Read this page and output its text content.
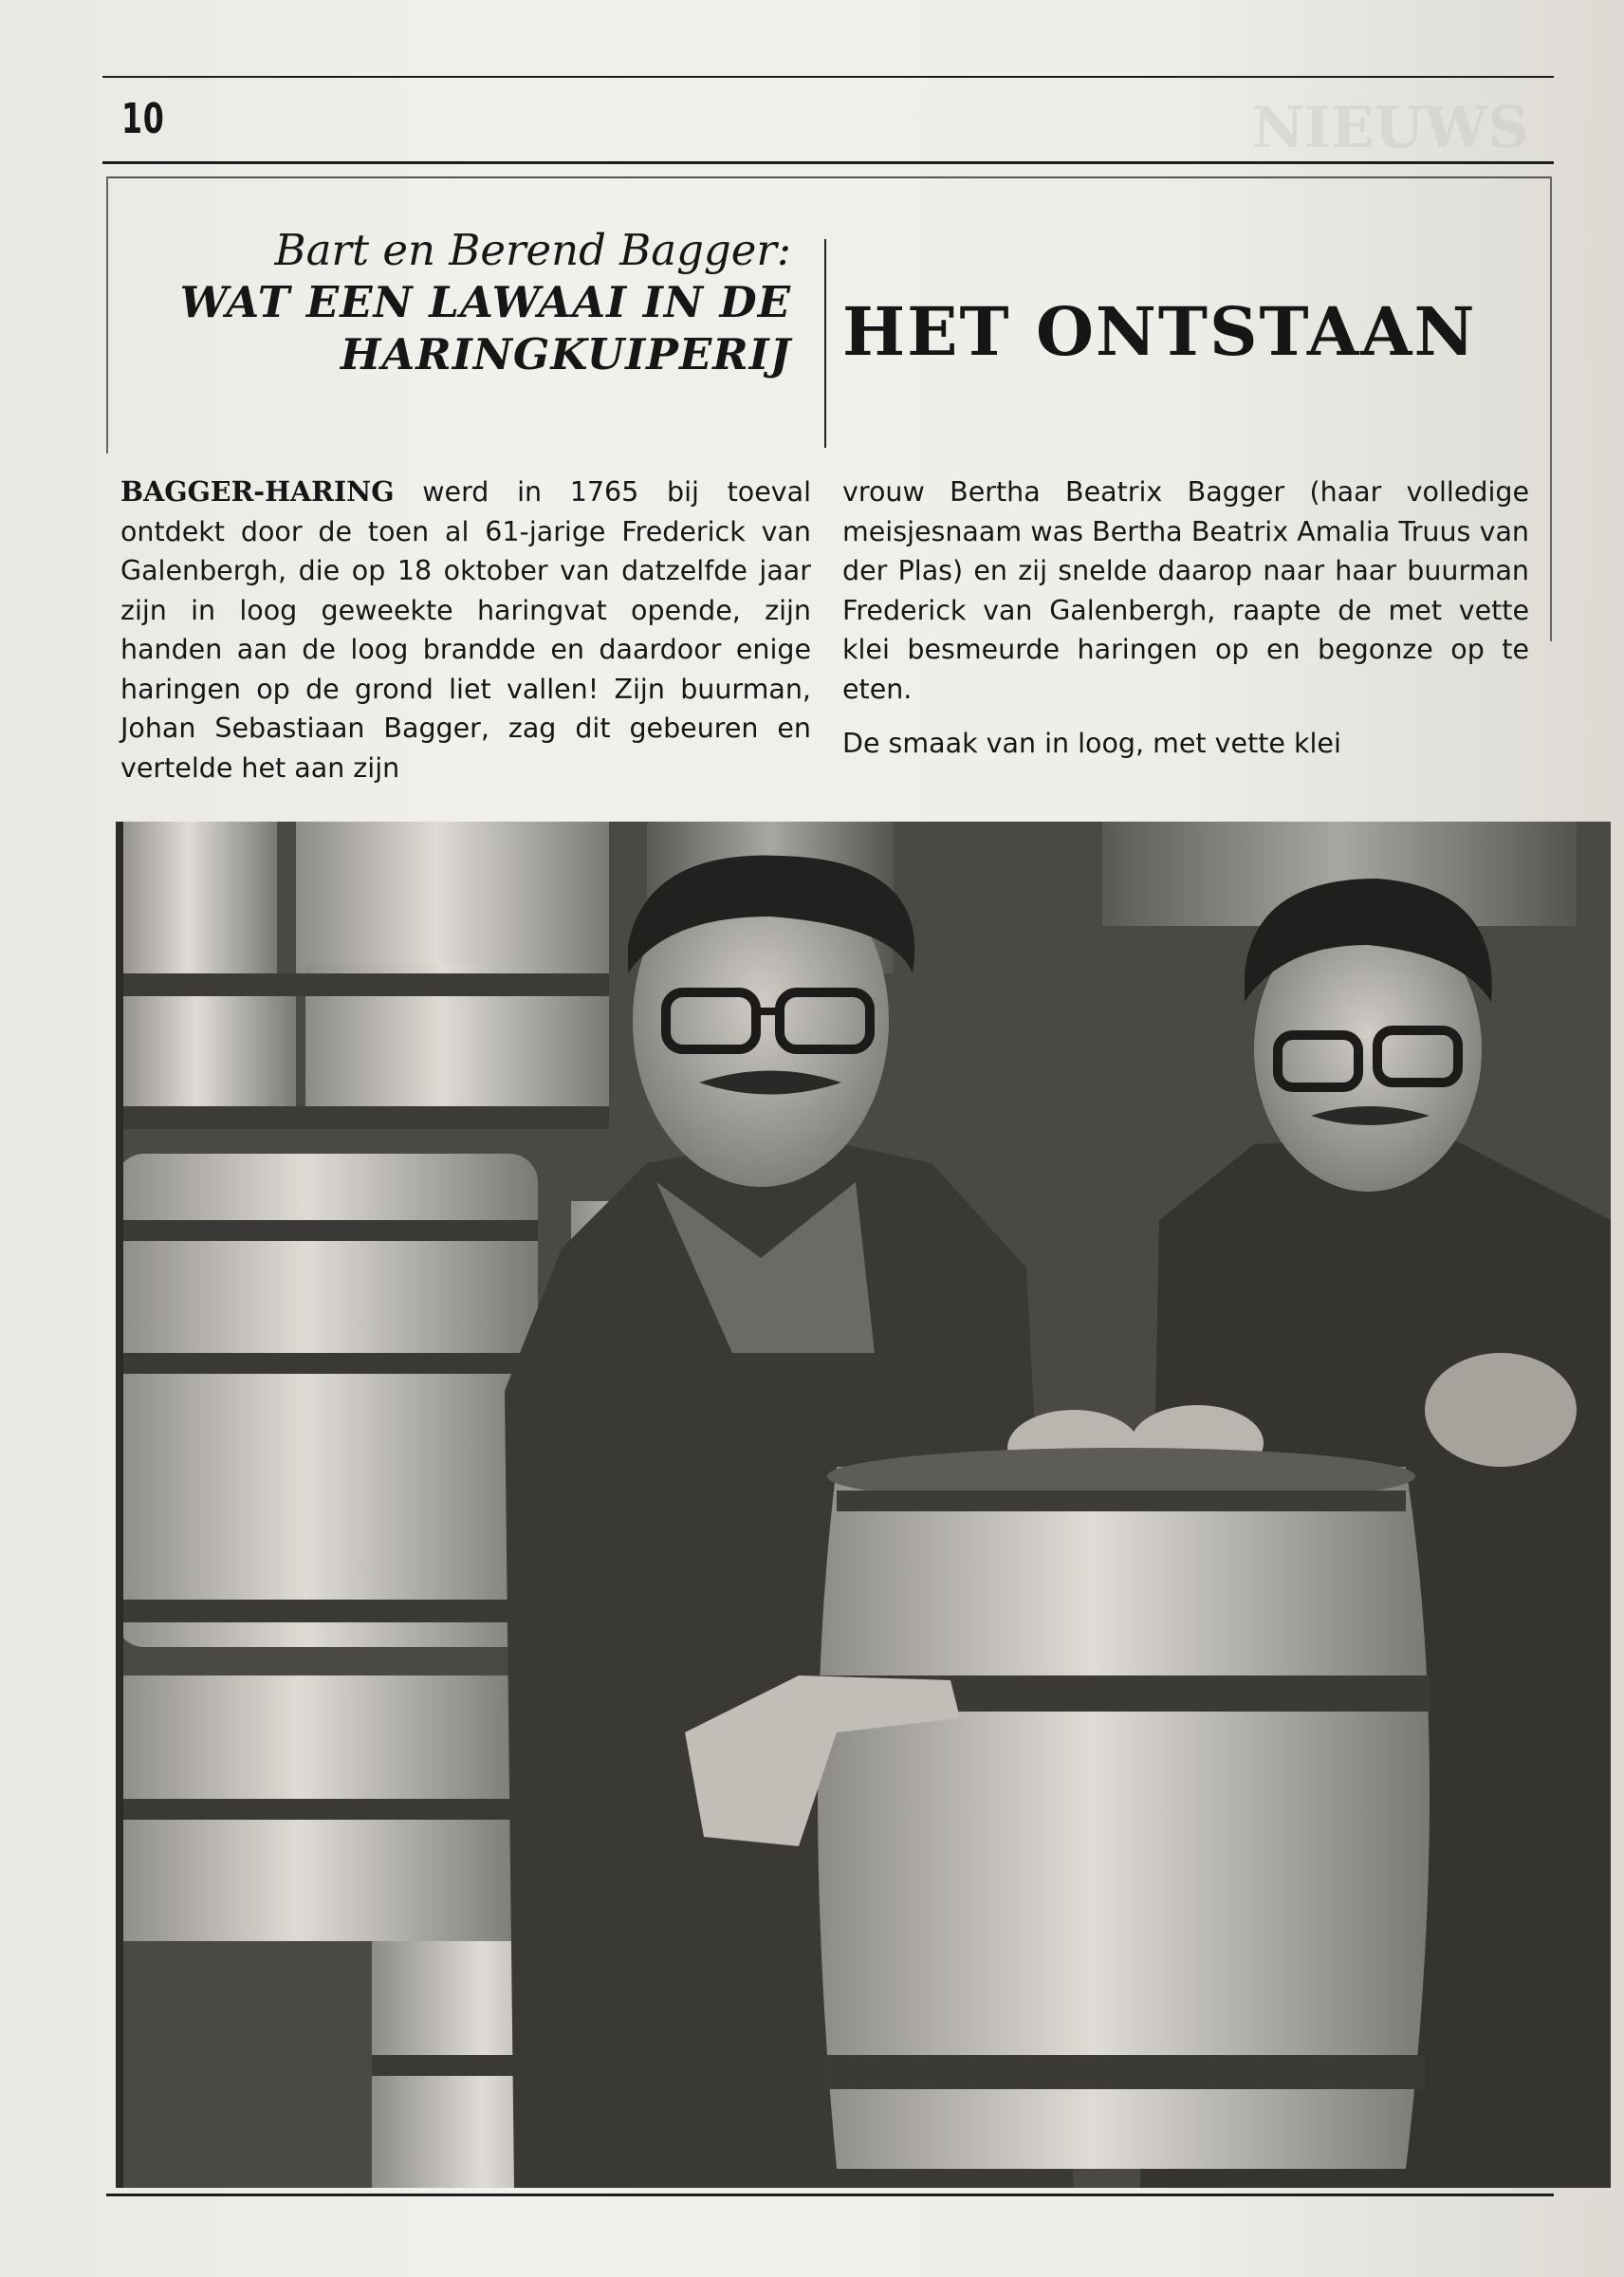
10	NIEUWS
Bart en Berend Bagger:
WAT EEN LAWAAI IN DE
HARINGKUIPERIJ HET ONTSTAAN

BAGGER-HARING werd in 1765 bij toeval ontdekt door de toen al 61-jarige Frederick van Galenbergh, die op 18 oktober van datzelfde jaar zijn in loog geweekte haringvat opende, zijn handen aan de loog brandde en daardoor enige haringen op de grond liet vallen! Zijn buurman, Johan Sebastiaan Bagger, zag dit gebeuren en vertelde het aan zijn

vrouw Bertha Beatrix Bagger (haar volledige meisjesnaam was Bertha Beatrix Amalia Truus van der Plas) en zij snelde daarop naar haar buurman Frederick van Galenbergh, raapte de met vette klei besmeurde haringen op en begonze op te eten.

De smaak van in loog, met vette klei
